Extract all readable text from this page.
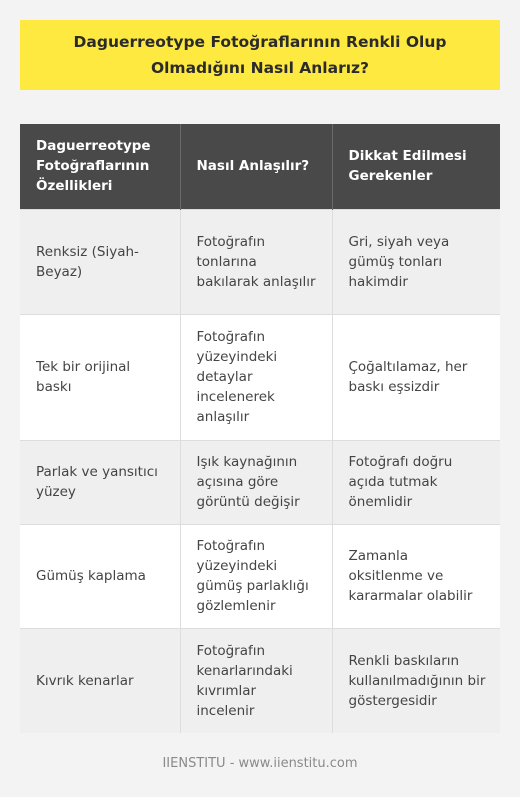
Daguerreotype Fotoğraflarının Renkli Olup Olmadığını Nasıl Anlarız?
Daguerreotype Fotoğraflarının Özellikleri	Nasıl Anlaşılır?	Dikkat Edilmesi Gerekenler
Renksiz (Siyah-Beyaz)	Fotoğrafın tonlarına bakılarak anlaşılır	Gri, siyah veya gümüş tonları hakimdir
Tek bir orijinal baskı	Fotoğrafın yüzeyindeki detaylar incelenerek anlaşılır	Çoğaltılamaz, her baskı eşsizdir
Parlak ve yansıtıcı yüzey	Işık kaynağının açısına göre görüntü değişir	Fotoğrafı doğru açıda tutmak önemlidir
Gümüş kaplama	Fotoğrafın yüzeyindeki gümüş parlaklığı gözlemlenir	Zamanla oksitlenme ve kararmalar olabilir
Kıvrık kenarlar	Fotoğrafın kenarlarındaki kıvrımlar incelenir	Renkli baskıların kullanılmadığının bir göstergesidir
IIENSTITU - www.iienstitu.com
